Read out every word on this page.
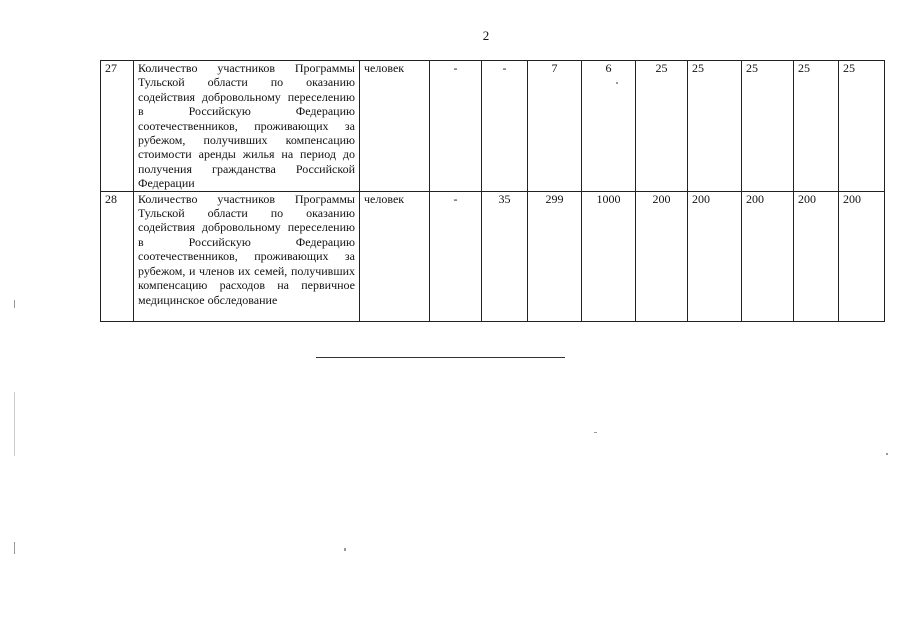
2
27	Количество участников Программы Тульской области по оказанию содействия добровольному переселению в Российскую Федерацию соотечественников, проживающих за рубежом, получивших компенсацию стоимости аренды жилья на период до получения гражданства Российской Федерации	человек	-	-	7	6	25	25	25	25	25
28	Количество участников Программы Тульской области по оказанию содействия добровольному переселению в Российскую Федерацию соотечественников, проживающих за рубежом, и членов их семей, получивших компенсацию расходов на первичное медицинское обследование	человек	-	35	299	1000	200	200	200	200	200
